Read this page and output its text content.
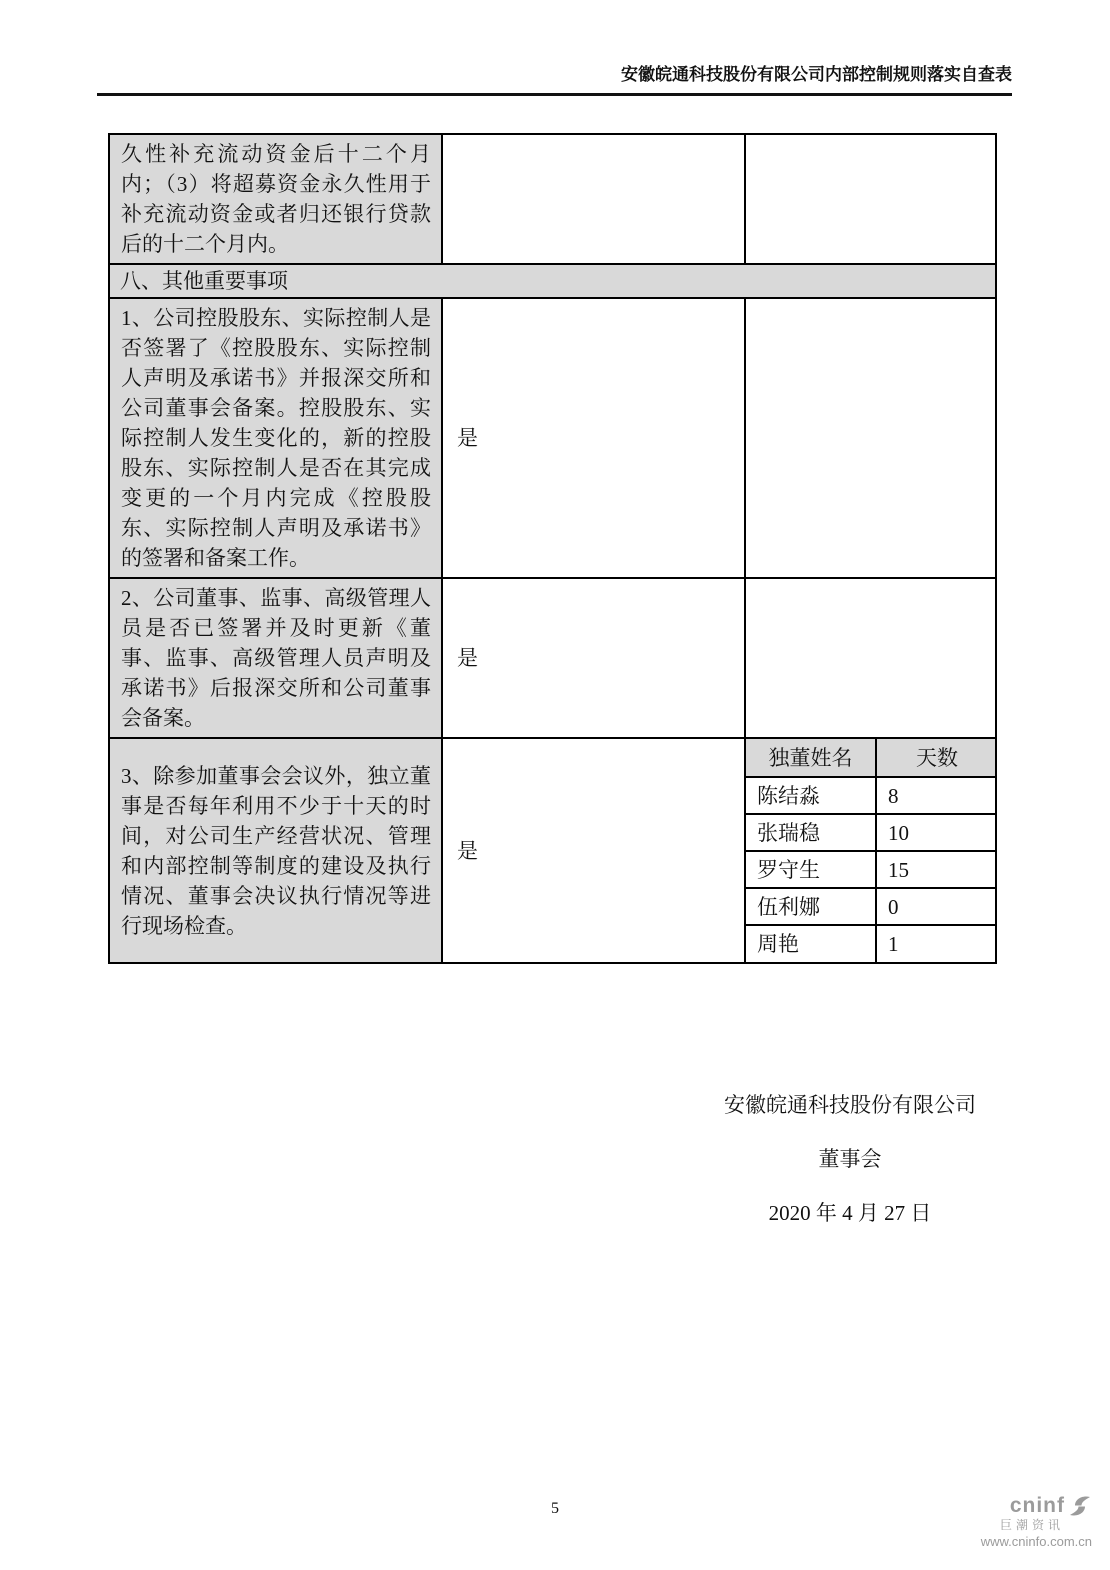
安徽皖通科技股份有限公司内部控制规则落实自查表
久性补充流动资金后十二个月内；（3）将超募资金永久性用于补充流动资金或者归还银行贷款后的十二个月内。		
八、其他重要事项
1、公司控股股东、实际控制人是否签署了《控股股东、实际控制人声明及承诺书》并报深交所和公司董事会备案。控股股东、实际控制人发生变化的，新的控股股东、实际控制人是否在其完成变更的一个月内完成《控股股东、实际控制人声明及承诺书》的签署和备案工作。	是	
2、公司董事、监事、高级管理人员是否已签署并及时更新《董事、监事、高级管理人员声明及承诺书》后报深交所和公司董事会备案。	是	
3、除参加董事会会议外，独立董事是否每年利用不少于十天的时间，对公司生产经营状况、管理和内部控制等制度的建设及执行情况、董事会决议执行情况等进行现场检查。	是	
独董姓名	天数
陈结淼	8
张瑞稳	10
罗守生	15
伍利娜	0
周艳	1
安徽皖通科技股份有限公司
董事会
2020 年 4 月 27 日
5	cninf
巨潮资讯
www.cninfo.com.cn
